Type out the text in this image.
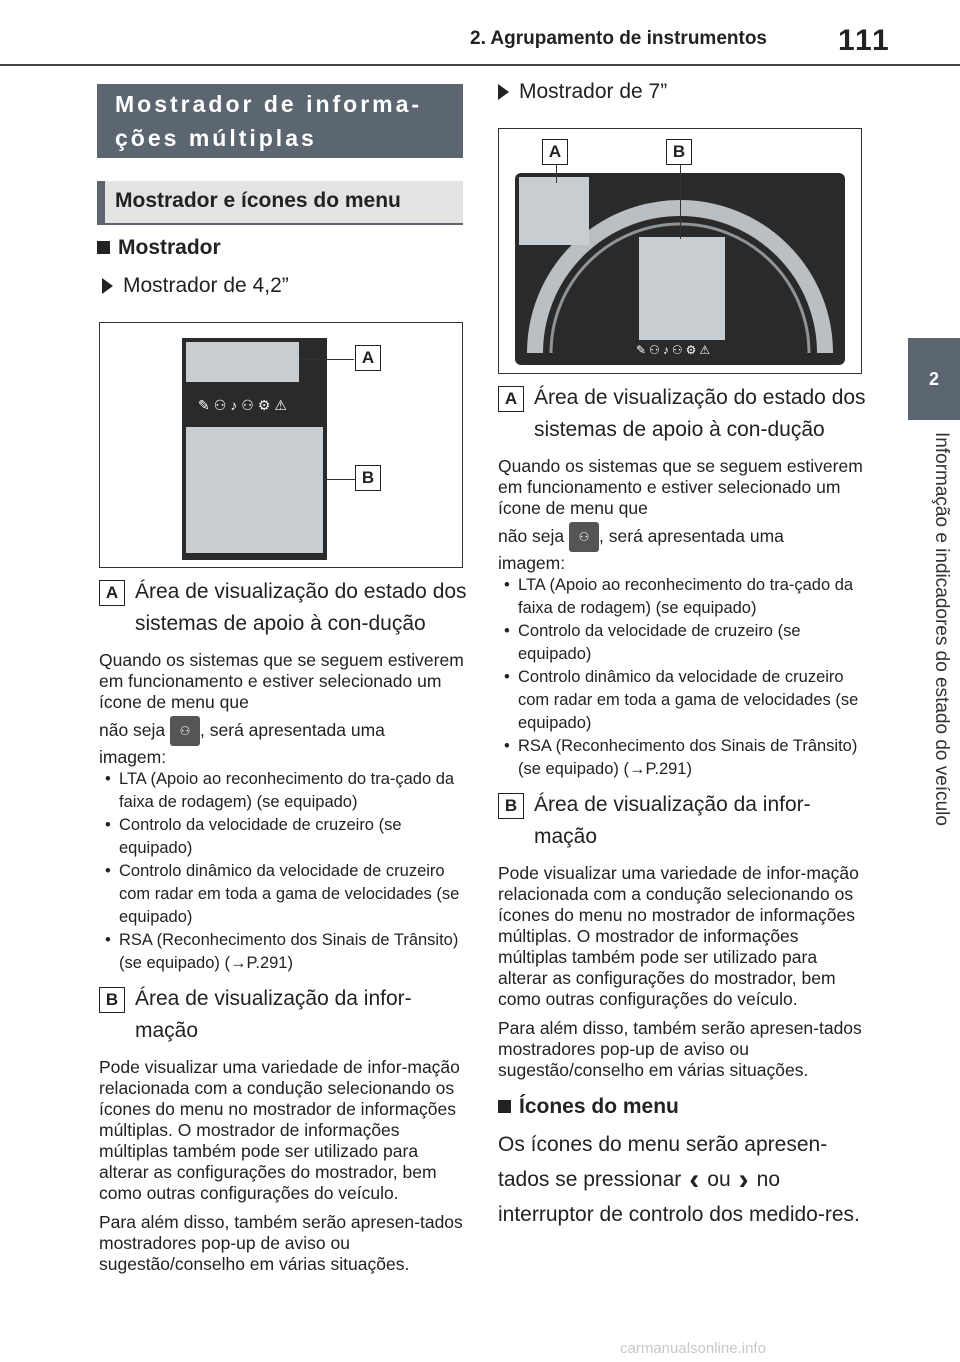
2. Agrupamento de instrumentos 111
2
Informação e indicadores do estado do veículo
Mostrador de informa-ções múltiplas
Mostrador e ícones do menu
Mostrador
Mostrador de 4,2”
✎⚇♪⚇⚙⚠
A
B
A Área de visualização do estado dos sistemas de apoio à con-dução

Quando os sistemas que se seguem estiverem em funcionamento e estiver selecionado um ícone de menu que

não seja ⚇ , será apresentada uma

imagem:

• LTA (Apoio ao reconhecimento do tra-çado da faixa de rodagem) (se equipado)

• Controlo da velocidade de cruzeiro (se equipado)

• Controlo dinâmico da velocidade de cruzeiro com radar em toda a gama de velocidades (se equipado)

• RSA (Reconhecimento dos Sinais de Trânsito) (se equipado) (→P.291)

B Área de visualização da infor-mação

Pode visualizar uma variedade de infor-mação relacionada com a condução selecionando os ícones do menu no mostrador de informações múltiplas. O mostrador de informações múltiplas também pode ser utilizado para alterar as configurações do mostrador, bem como outras configurações do veículo.

Para além disso, também serão apresen-tados mostradores pop-up de aviso ou sugestão/conselho em várias situações.

Mostrador de 7”
✎⚇♪⚇⚙⚠
A	B
A Área de visualização do estado dos sistemas de apoio à con-dução

Quando os sistemas que se seguem estiverem em funcionamento e estiver selecionado um ícone de menu que

não seja ⚇ , será apresentada uma

imagem:

• LTA (Apoio ao reconhecimento do tra-çado da faixa de rodagem) (se equipado)

• Controlo da velocidade de cruzeiro (se equipado)

• Controlo dinâmico da velocidade de cruzeiro com radar em toda a gama de velocidades (se equipado)

• RSA (Reconhecimento dos Sinais de Trânsito) (se equipado) (→P.291)

B Área de visualização da infor-mação

Pode visualizar uma variedade de infor-mação relacionada com a condução selecionando os ícones do menu no mostrador de informações múltiplas. O mostrador de informações múltiplas também pode ser utilizado para alterar as configurações do mostrador, bem como outras configurações do veículo.

Para além disso, também serão apresen-tados mostradores pop-up de aviso ou sugestão/conselho em várias situações.

Ícones do menu

Os ícones do menu serão apresen-

tados se pressionar ‹ ou › no

interruptor de controlo dos medido-res.

carmanualsonline.info
